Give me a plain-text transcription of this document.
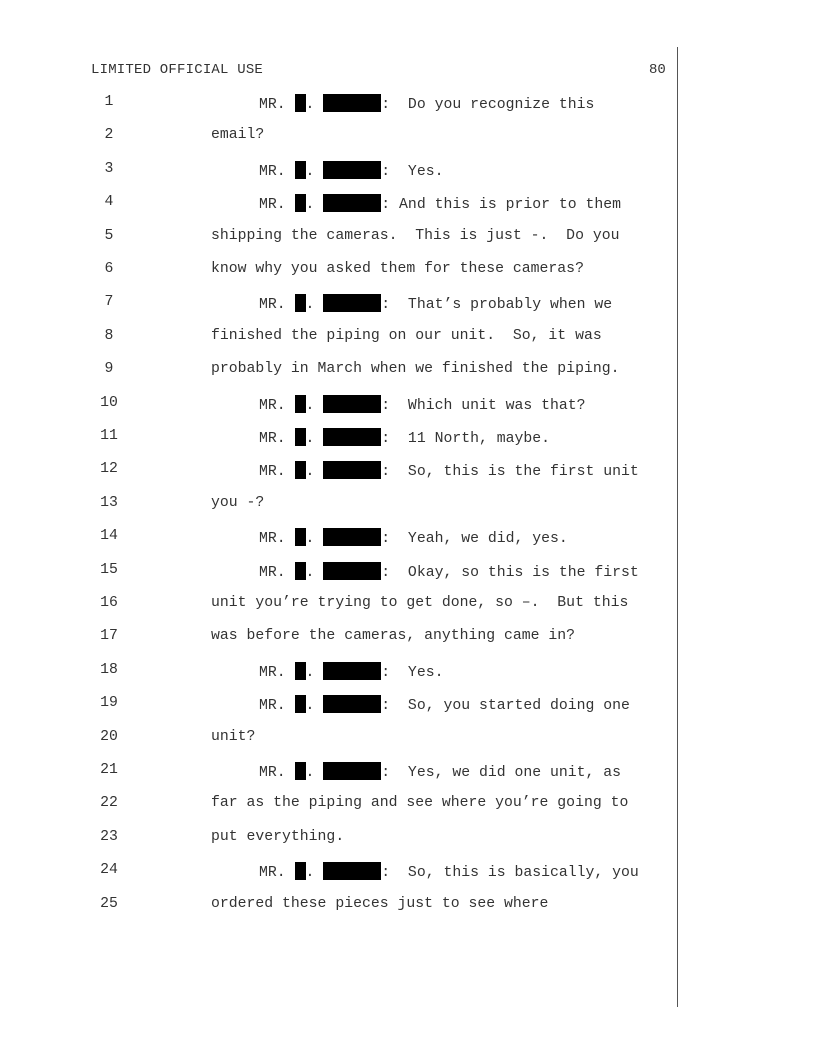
LIMITED OFFICIAL USE	80
1	MR. .	:  Do you recognize this
2	email?
3	MR. .	:  Yes.
4	MR. .	: And this is prior to them
5	shipping the cameras.  This is just -.  Do you
6	know why you asked them for these cameras?
7	MR. .	:  That’s probably when we
8	finished the piping on our unit.  So, it was
9	probably in March when we finished the piping.
10	MR. .	:  Which unit was that?
11	MR. .	:  11 North, maybe.
12	MR. .	:  So, this is the first unit
13	you -?
14	MR. .	:  Yeah, we did, yes.
15	MR. .	:  Okay, so this is the first
16	unit you’re trying to get done, so –.  But this
17	was before the cameras, anything came in?
18	MR. .	:  Yes.
19	MR. .	:  So, you started doing one
20	unit?
21	MR. .	:  Yes, we did one unit, as
22	far as the piping and see where you’re going to
23	put everything.
24	MR. .	:  So, this is basically, you
25	ordered these pieces just to see where
